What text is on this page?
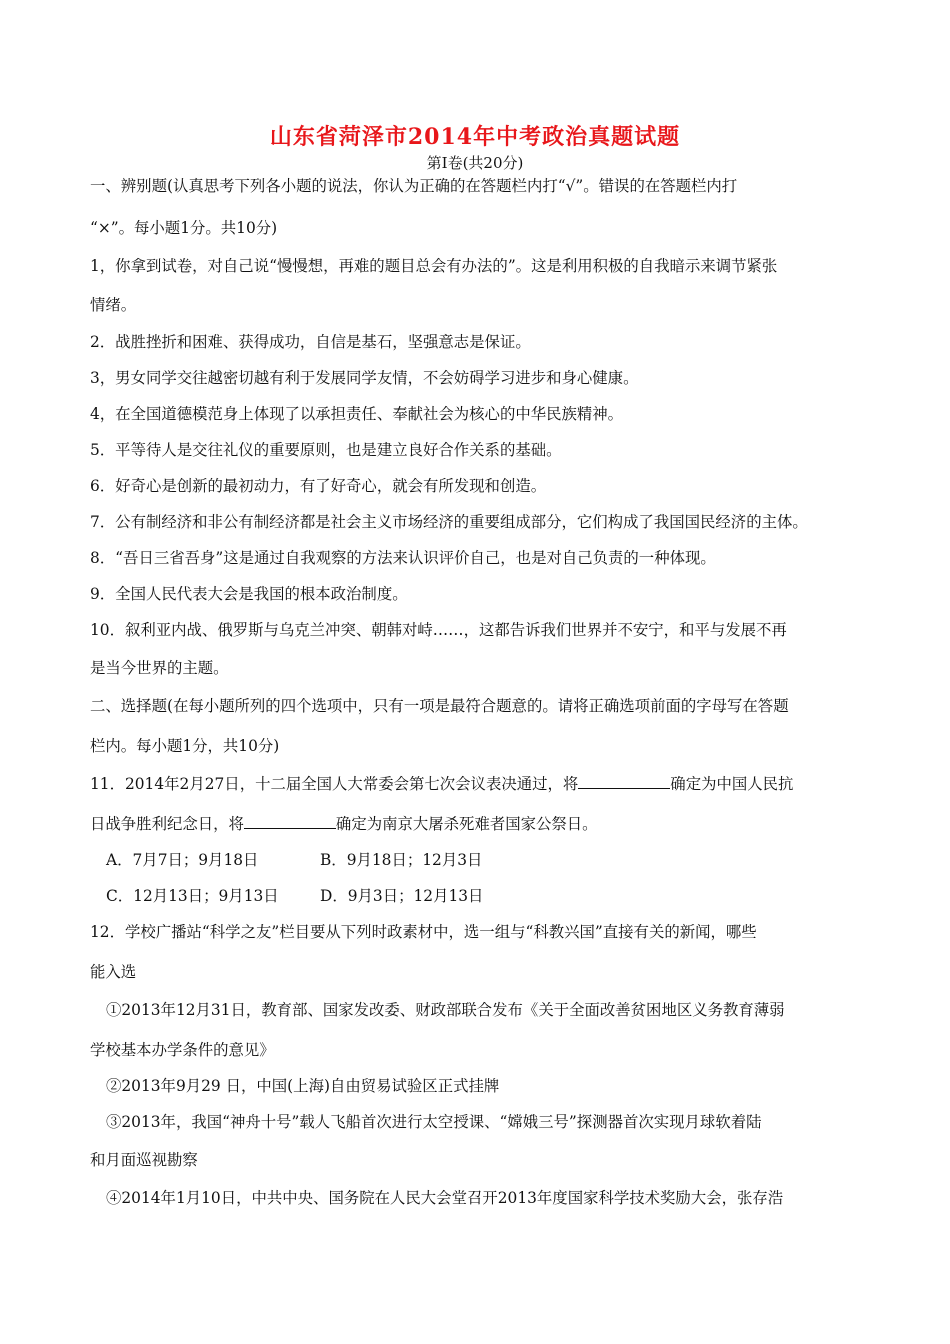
山东省菏泽市2014年中考政治真题试题
第Ⅰ卷(共20分)
一、辨别题(认真思考下列各小题的说法，你认为正确的在答题栏内打“√”。错误的在答题栏内打
“×”。每小题1分。共10分)
1，你拿到试卷，对自己说“慢慢想，再难的题目总会有办法的”。这是利用积极的自我暗示来调节紧张
情绪。
2．战胜挫折和困难、获得成功，自信是基石，坚强意志是保证。
3，男女同学交往越密切越有利于发展同学友情，不会妨碍学习进步和身心健康。
4，在全国道德模范身上体现了以承担责任、奉献社会为核心的中华民族精神。
5．平等待人是交往礼仪的重要原则，也是建立良好合作关系的基础。
6．好奇心是创新的最初动力，有了好奇心，就会有所发现和创造。
7．公有制经济和非公有制经济都是社会主义市场经济的重要组成部分，它们构成了我国国民经济的主体。
8．“吾日三省吾身”这是通过自我观察的方法来认识评价自己，也是对自己负责的一种体现。
9．全国人民代表大会是我国的根本政治制度。
10．叙利亚内战、俄罗斯与乌克兰冲突、朝韩对峙……，这都告诉我们世界并不安宁，和平与发展不再
是当今世界的主题。
二、选择题(在每小题所列的四个选项中，只有一项是最符合题意的。请将正确选项前面的字母写在答题
栏内。每小题1分，共10分)
11．2014年2月27日，十二届全国人大常委会第七次会议表决通过，将	确定为中国人民抗
日战争胜利纪念日，将	确定为南京大屠杀死难者国家公祭日。
A．7月7日；9月18日	B．9月18日；12月3日
C．12月13日；9月13日	D．9月3日；12月13日
12．学校广播站“科学之友”栏目要从下列时政素材中，选一组与“科教兴国”直接有关的新闻，哪些
能入选
①2013年12月31日，教育部、国家发改委、财政部联合发布《关于全面改善贫困地区义务教育薄弱
学校基本办学条件的意见》
②2013年9月29 日，中国(上海)自由贸易试验区正式挂牌
③2013年，我国“神舟十号”载人飞船首次进行太空授课、“嫦娥三号”探测器首次实现月球软着陆
和月面巡视勘察
④2014年1月10日，中共中央、国务院在人民大会堂召开2013年度国家科学技术奖励大会，张存浩
